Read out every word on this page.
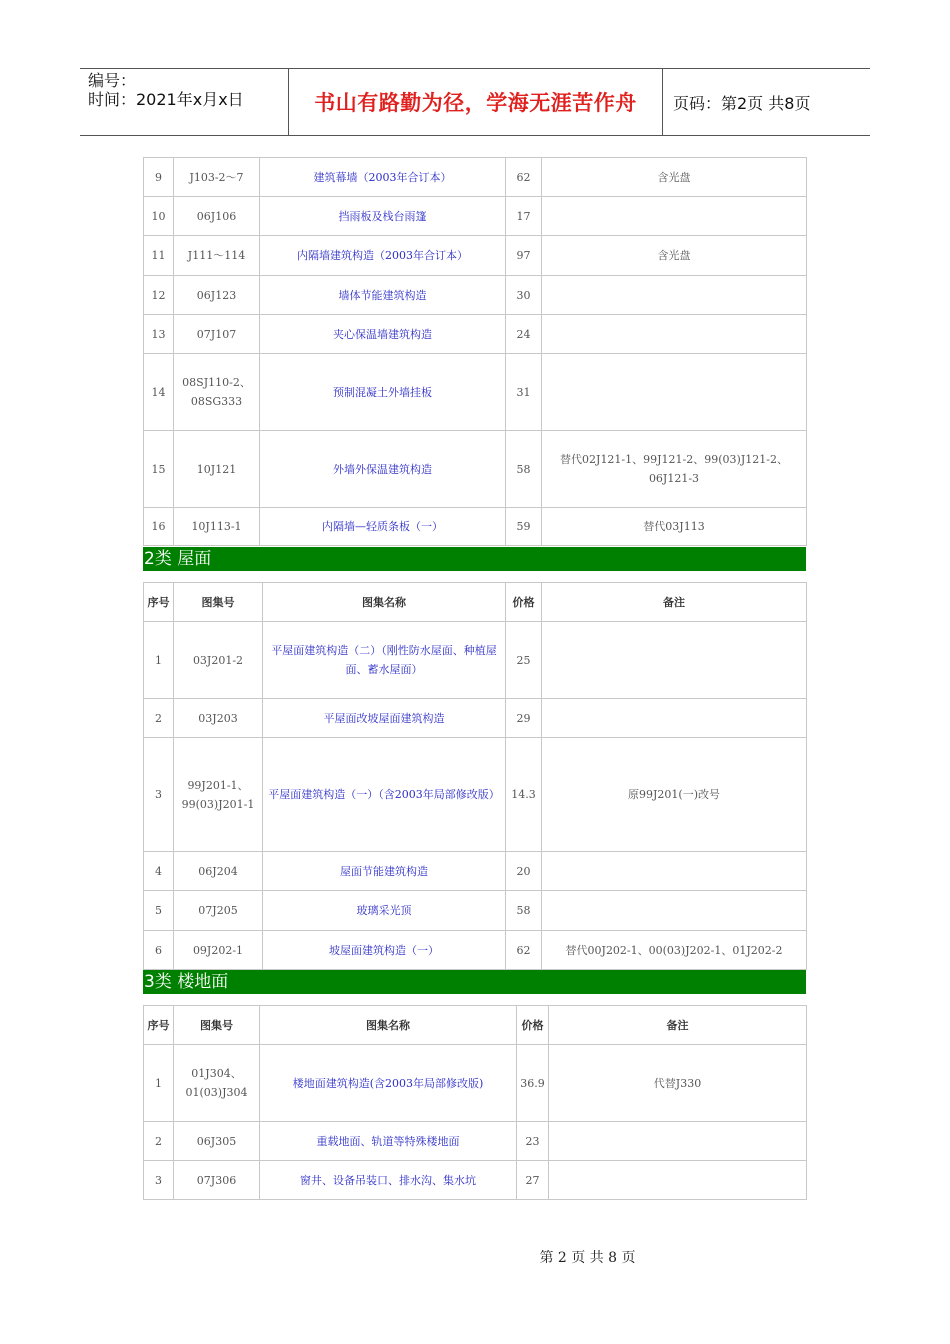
编号：
时间：2021年x月x日	书山有路勤为径，学海无涯苦作舟	页码：第2页 共8页
9	J103-2～7	建筑幕墙（2003年合订本）	62	含光盘
10	06J106	挡雨板及栈台雨篷	17	
11	J111～114	内隔墙建筑构造（2003年合订本）	97	含光盘
12	06J123	墙体节能建筑构造	30	
13	07J107	夹心保温墙建筑构造	24	
14	08SJ110-2、08SG333	预制混凝土外墙挂板	31	
15	10J121	外墙外保温建筑构造	58	替代02J121-1、99J121-2、99(03)J121-2、06J121-3
16	10J113-1	内隔墙—轻质条板（一）	59	替代03J113
2类 屋面
序号	图集号	图集名称	价格	备注
1	03J201-2	平屋面建筑构造（二）（刚性防水屋面、种植屋面、蓄水屋面）	25	
2	03J203	平屋面改坡屋面建筑构造	29	
3	99J201-1、99(03)J201-1	平屋面建筑构造（一）（含2003年局部修改版）	14.3	原99J201(一)改号
4	06J204	屋面节能建筑构造	20	
5	07J205	玻璃采光顶	58	
6	09J202-1	坡屋面建筑构造（一）	62	替代00J202-1、00(03)J202-1、01J202-2
3类 楼地面
序号	图集号	图集名称	价格	备注
1	01J304、01(03)J304	楼地面建筑构造(含2003年局部修改版)	36.9	代替J330
2	06J305	重载地面、轨道等特殊楼地面	23	
3	07J306	窗井、设备吊装口、排水沟、集水坑	27	
第 2 页 共 8 页
